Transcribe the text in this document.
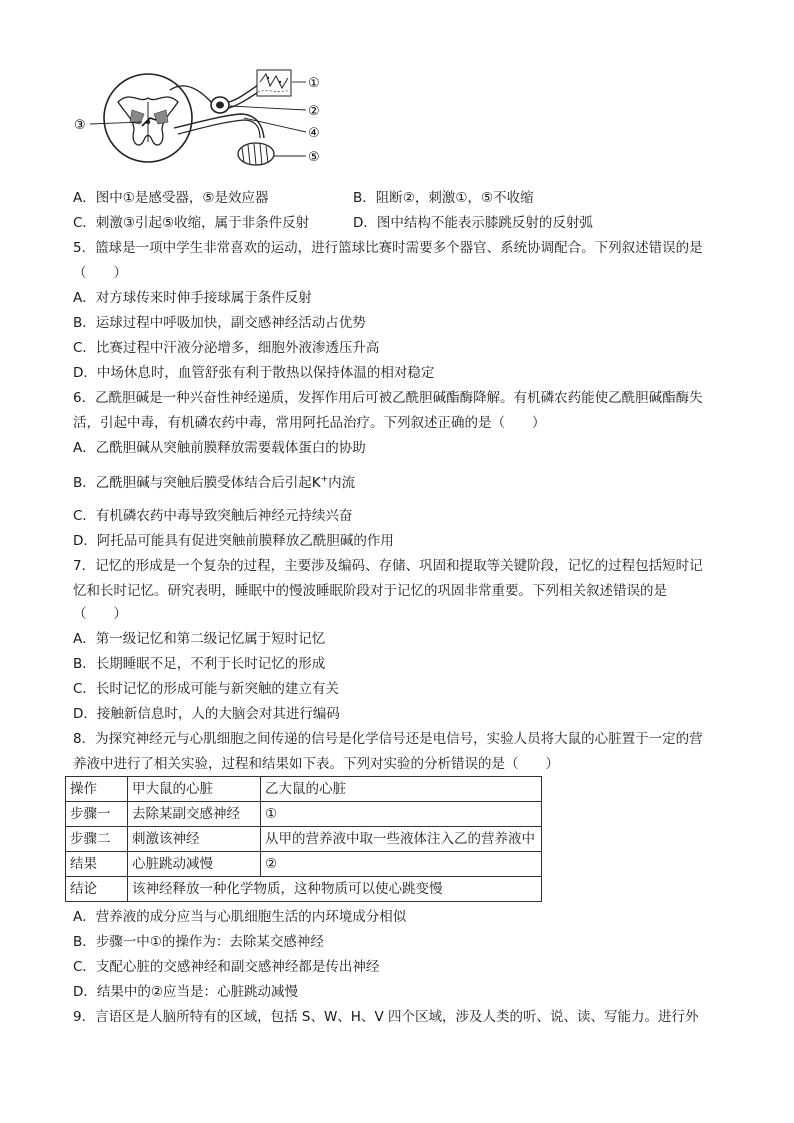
①
②
③
④
⑤
A．图中①是感受器，⑤是效应器	B．阻断②，刺激①，⑤不收缩
C．刺激③引起⑤收缩，属于非条件反射	D．图中结构不能表示膝跳反射的反射弧
5．篮球是一项中学生非常喜欢的运动，进行篮球比赛时需要多个器官、系统协调配合。下列叙述错误的是
（　　）
A．对方球传来时伸手接球属于条件反射
B．运球过程中呼吸加快，副交感神经活动占优势
C．比赛过程中汗液分泌增多，细胞外液渗透压升高
D．中场休息时，血管舒张有利于散热以保持体温的相对稳定
6．乙酰胆碱是一种兴奋性神经递质，发挥作用后可被乙酰胆碱酯酶降解。有机磷农药能使乙酰胆碱酯酶失
活，引起中毒，有机磷农药中毒，常用阿托品治疗。下列叙述正确的是（　　）
A．乙酰胆碱从突触前膜释放需要载体蛋白的协助
B．乙酰胆碱与突触后膜受体结合后引起K+内流
C．有机磷农药中毒导致突触后神经元持续兴奋
D．阿托品可能具有促进突触前膜释放乙酰胆碱的作用
7．记忆的形成是一个复杂的过程，主要涉及编码、存储、巩固和提取等关键阶段，记忆的过程包括短时记
忆和长时记忆。研究表明，睡眠中的慢波睡眠阶段对于记忆的巩固非常重要。下列相关叙述错误的是
（　　）
A．第一级记忆和第二级记忆属于短时记忆
B．长期睡眠不足，不利于长时记忆的形成
C．长时记忆的形成可能与新突触的建立有关
D．接触新信息时，人的大脑会对其进行编码
8．为探究神经元与心肌细胞之间传递的信号是化学信号还是电信号，实验人员将大鼠的心脏置于一定的营
养液中进行了相关实验，过程和结果如下表。下列对实验的分析错误的是（　　）
操作	甲大鼠的心脏	乙大鼠的心脏
步骤一	去除某副交感神经	①
步骤二	刺激该神经	从甲的营养液中取一些液体注入乙的营养液中
结果	心脏跳动减慢	②
结论	该神经释放一种化学物质，这种物质可以使心跳变慢	
A．营养液的成分应当与心肌细胞生活的内环境成分相似
B．步骤一中①的操作为：去除某交感神经
C．支配心脏的交感神经和副交感神经都是传出神经
D．结果中的②应当是：心脏跳动减慢
9．言语区是人脑所特有的区域，包括 S、W、H、V 四个区域，涉及人类的听、说、读、写能力。进行外
